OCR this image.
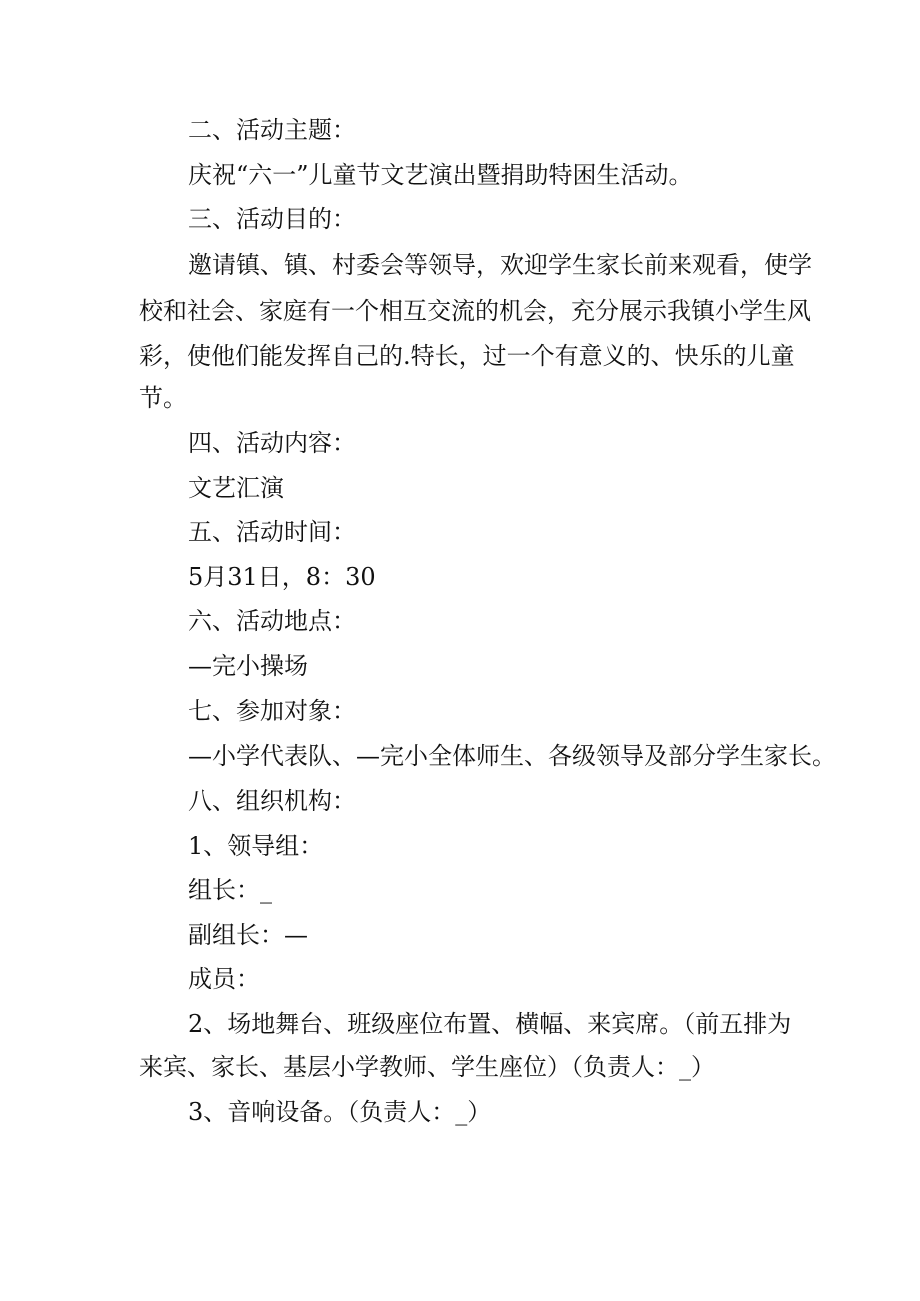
二、活动主题：
庆祝“六一”儿童节文艺演出暨捐助特困生活动。
三、活动目的：
邀请镇、镇、村委会等领导，欢迎学生家长前来观看，使学
校和社会、家庭有一个相互交流的机会，充分展示我镇小学生风
彩，使他们能发挥自己的.特长，过一个有意义的、快乐的儿童
节。
四、活动内容：
文艺汇演
五、活动时间：
5月31日，8：30
六、活动地点：
—完小操场
七、参加对象：
—小学代表队、—完小全体师生、各级领导及部分学生家长。
八、组织机构：
1、领导组：
组长：_
副组长：—
成员：
2、场地舞台、班级座位布置、横幅、来宾席。（前五排为
来宾、家长、基层小学教师、学生座位）（负责人：_）
3、音响设备。（负责人：_）
